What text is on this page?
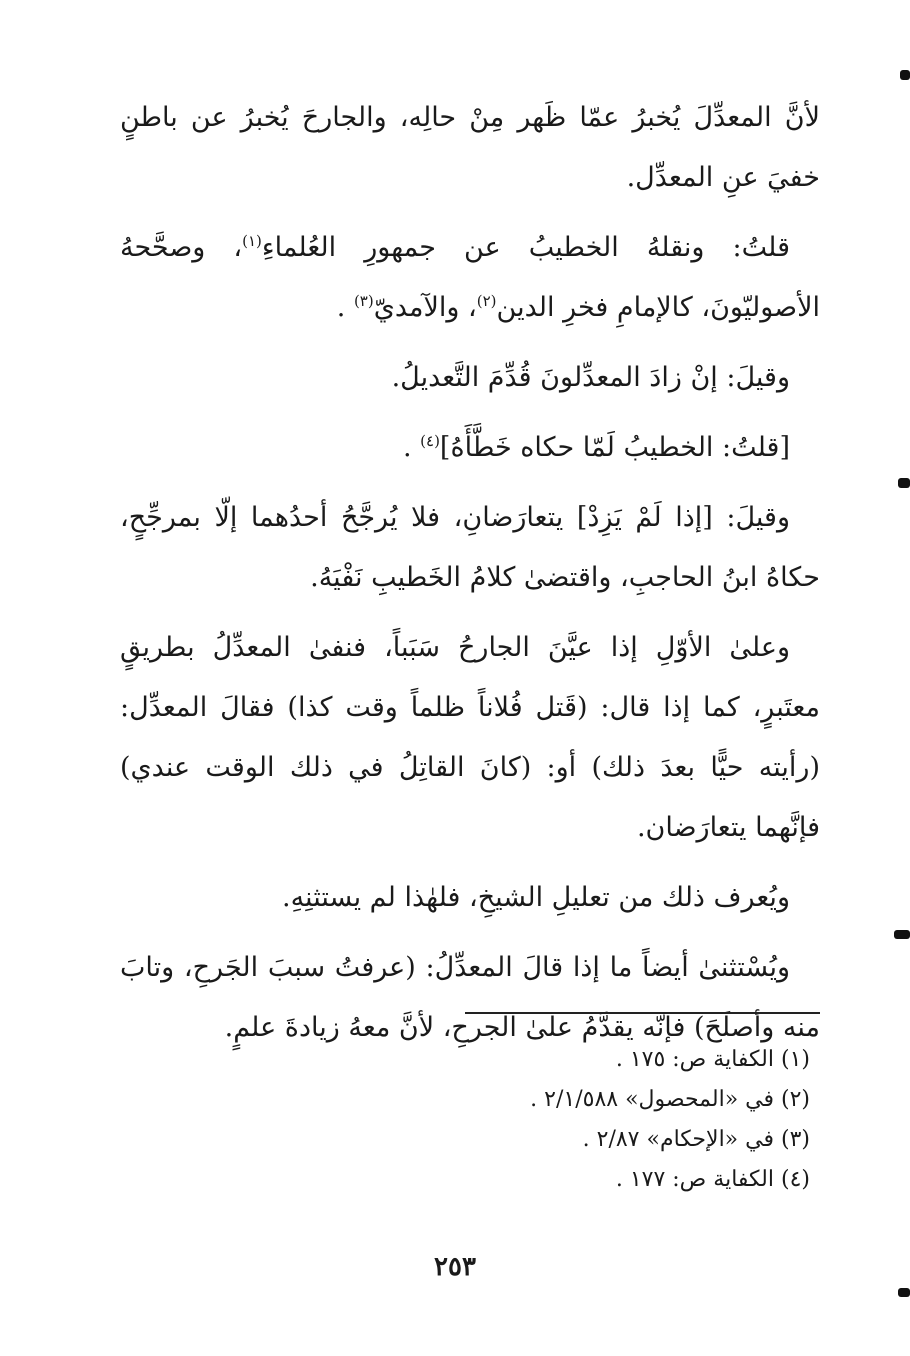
لأنَّ المعدِّلَ يُخبرُ عمّا ظَهر مِنْ حالِه، والجارحَ يُخبرُ عن باطنٍ خفيَ عنِ المعدِّل.

قلتُ: ونقلهُ الخطيبُ عن جمهورِ العُلماءِ$^{(١)}$، وصحَّحهُ الأصوليّونَ، كالإمامِ فخرِ الدين$^{(٢)}$، والآمديّ$^{(٣)}$ .

وقيلَ: إنْ زادَ المعدِّلونَ قُدِّمَ التَّعديلُ.

[قلتُ: الخطيبُ لَمّا حكاه خَطَّأَهُ]$^{(٤)}$ .

وقيلَ: [إذا لَمْ يَزِدْ] يتعارَضانِ، فلا يُرجَّحُ أحدُهما إلّا بمرجِّحٍ، حكاهُ ابنُ الحاجبِ، واقتضىٰ كلامُ الخَطيبِ نَفْيَهُ.

وعلىٰ الأوّلِ إذا عيَّنَ الجارحُ سَبَباً، فنفىٰ المعدِّلُ بطريقٍ معتَبرٍ، كما إذا قال: (قَتل فُلاناً ظلماً وقت كذا) فقالَ المعدِّل: (رأيته حيًّا بعدَ ذلك) أو: (كانَ القاتِلُ في ذلك الوقت عندي) فإنَّهما يتعارَضان.

ويُعرف ذلك من تعليلِ الشيخِ، فلهٰذا لم يستثنِهِ.

ويُسْتثنىٰ أيضاً ما إذا قالَ المعدِّلُ: (عرفتُ سببَ الجَرحِ، وتابَ منه وأصلَحَ) فإنّه يقدَّمُ علىٰ الجرحِ، لأنَّ معهُ زيادةَ علمٍ.

(١) الكفاية ص: ١٧٥ .
(٢) في «المحصول» ٢/١/٥٨٨ .
(٣) في «الإحكام» ٢/٨٧ .
(٤) الكفاية ص: ١٧٧ .
٢٥٣
